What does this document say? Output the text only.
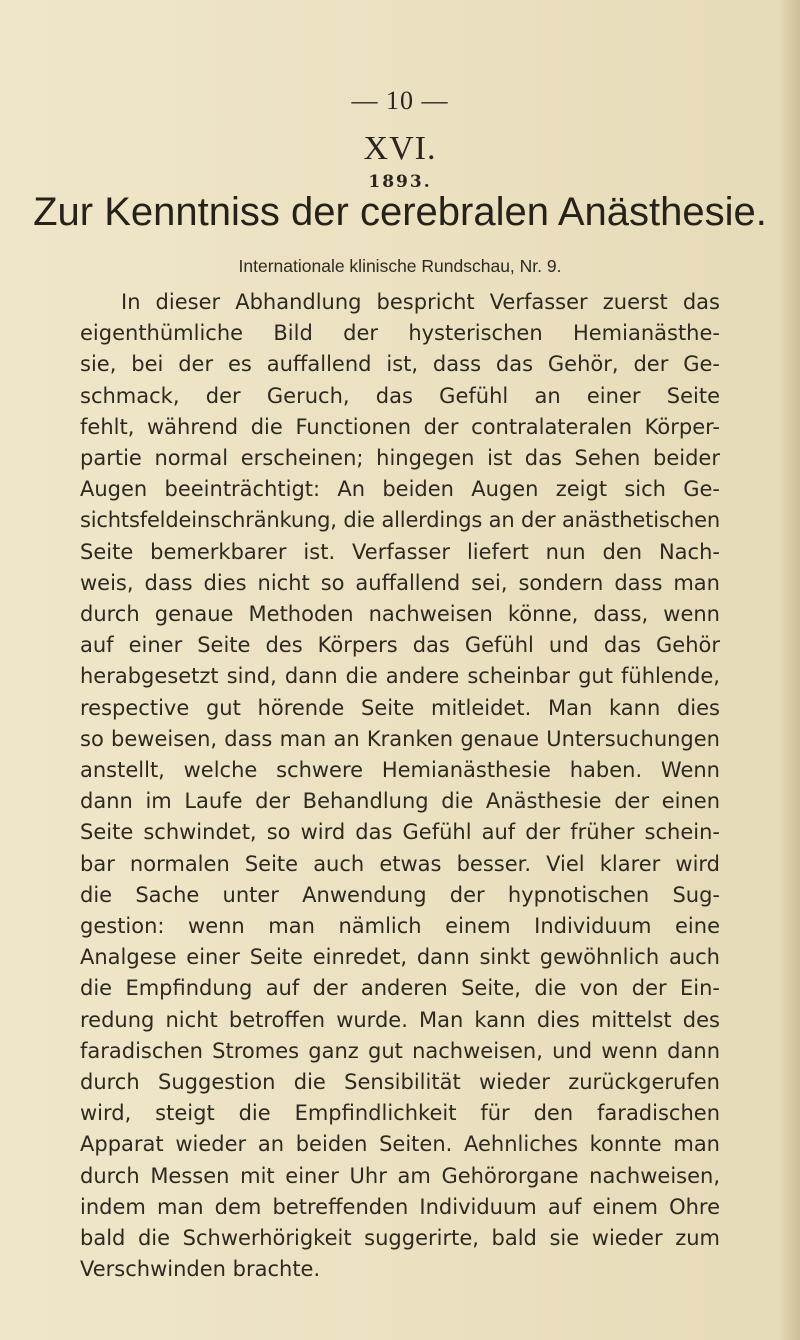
— 10 —
XVI.
1893.
Zur Kenntniss der cerebralen Anästhesie.
Internationale klinische Rundschau, Nr. 9.
In dieser Abhandlung bespricht Verfasser zuerst das
eigenthümliche Bild der hysterischen Hemianästhe-
sie, bei der es auffallend ist, dass das Gehör, der Ge-
schmack, der Geruch, das Gefühl an einer Seite
fehlt, während die Functionen der contralateralen Körper-
partie normal erscheinen; hingegen ist das Sehen beider
Augen beeinträchtigt: An beiden Augen zeigt sich Ge-
sichtsfeldeinschränkung, die allerdings an der anästhetischen
Seite bemerkbarer ist. Verfasser liefert nun den Nach-
weis, dass dies nicht so auffallend sei, sondern dass man
durch genaue Methoden nachweisen könne, dass, wenn
auf einer Seite des Körpers das Gefühl und das Gehör
herabgesetzt sind, dann die andere scheinbar gut fühlende,
respective gut hörende Seite mitleidet. Man kann dies
so beweisen, dass man an Kranken genaue Untersuchungen
anstellt, welche schwere Hemianästhesie haben. Wenn
dann im Laufe der Behandlung die Anästhesie der einen
Seite schwindet, so wird das Gefühl auf der früher schein-
bar normalen Seite auch etwas besser. Viel klarer wird
die Sache unter Anwendung der hypnotischen Sug-
gestion: wenn man nämlich einem Individuum eine
Analgese einer Seite einredet, dann sinkt gewöhnlich auch
die Empfindung auf der anderen Seite, die von der Ein-
redung nicht betroffen wurde. Man kann dies mittelst des
faradischen Stromes ganz gut nachweisen, und wenn dann
durch Suggestion die Sensibilität wieder zurückgerufen
wird, steigt die Empfindlichkeit für den faradischen
Apparat wieder an beiden Seiten. Aehnliches konnte man
durch Messen mit einer Uhr am Gehörorgane nachweisen,
indem man dem betreffenden Individuum auf einem Ohre
bald die Schwerhörigkeit suggerirte, bald sie wieder zum
Verschwinden brachte.
